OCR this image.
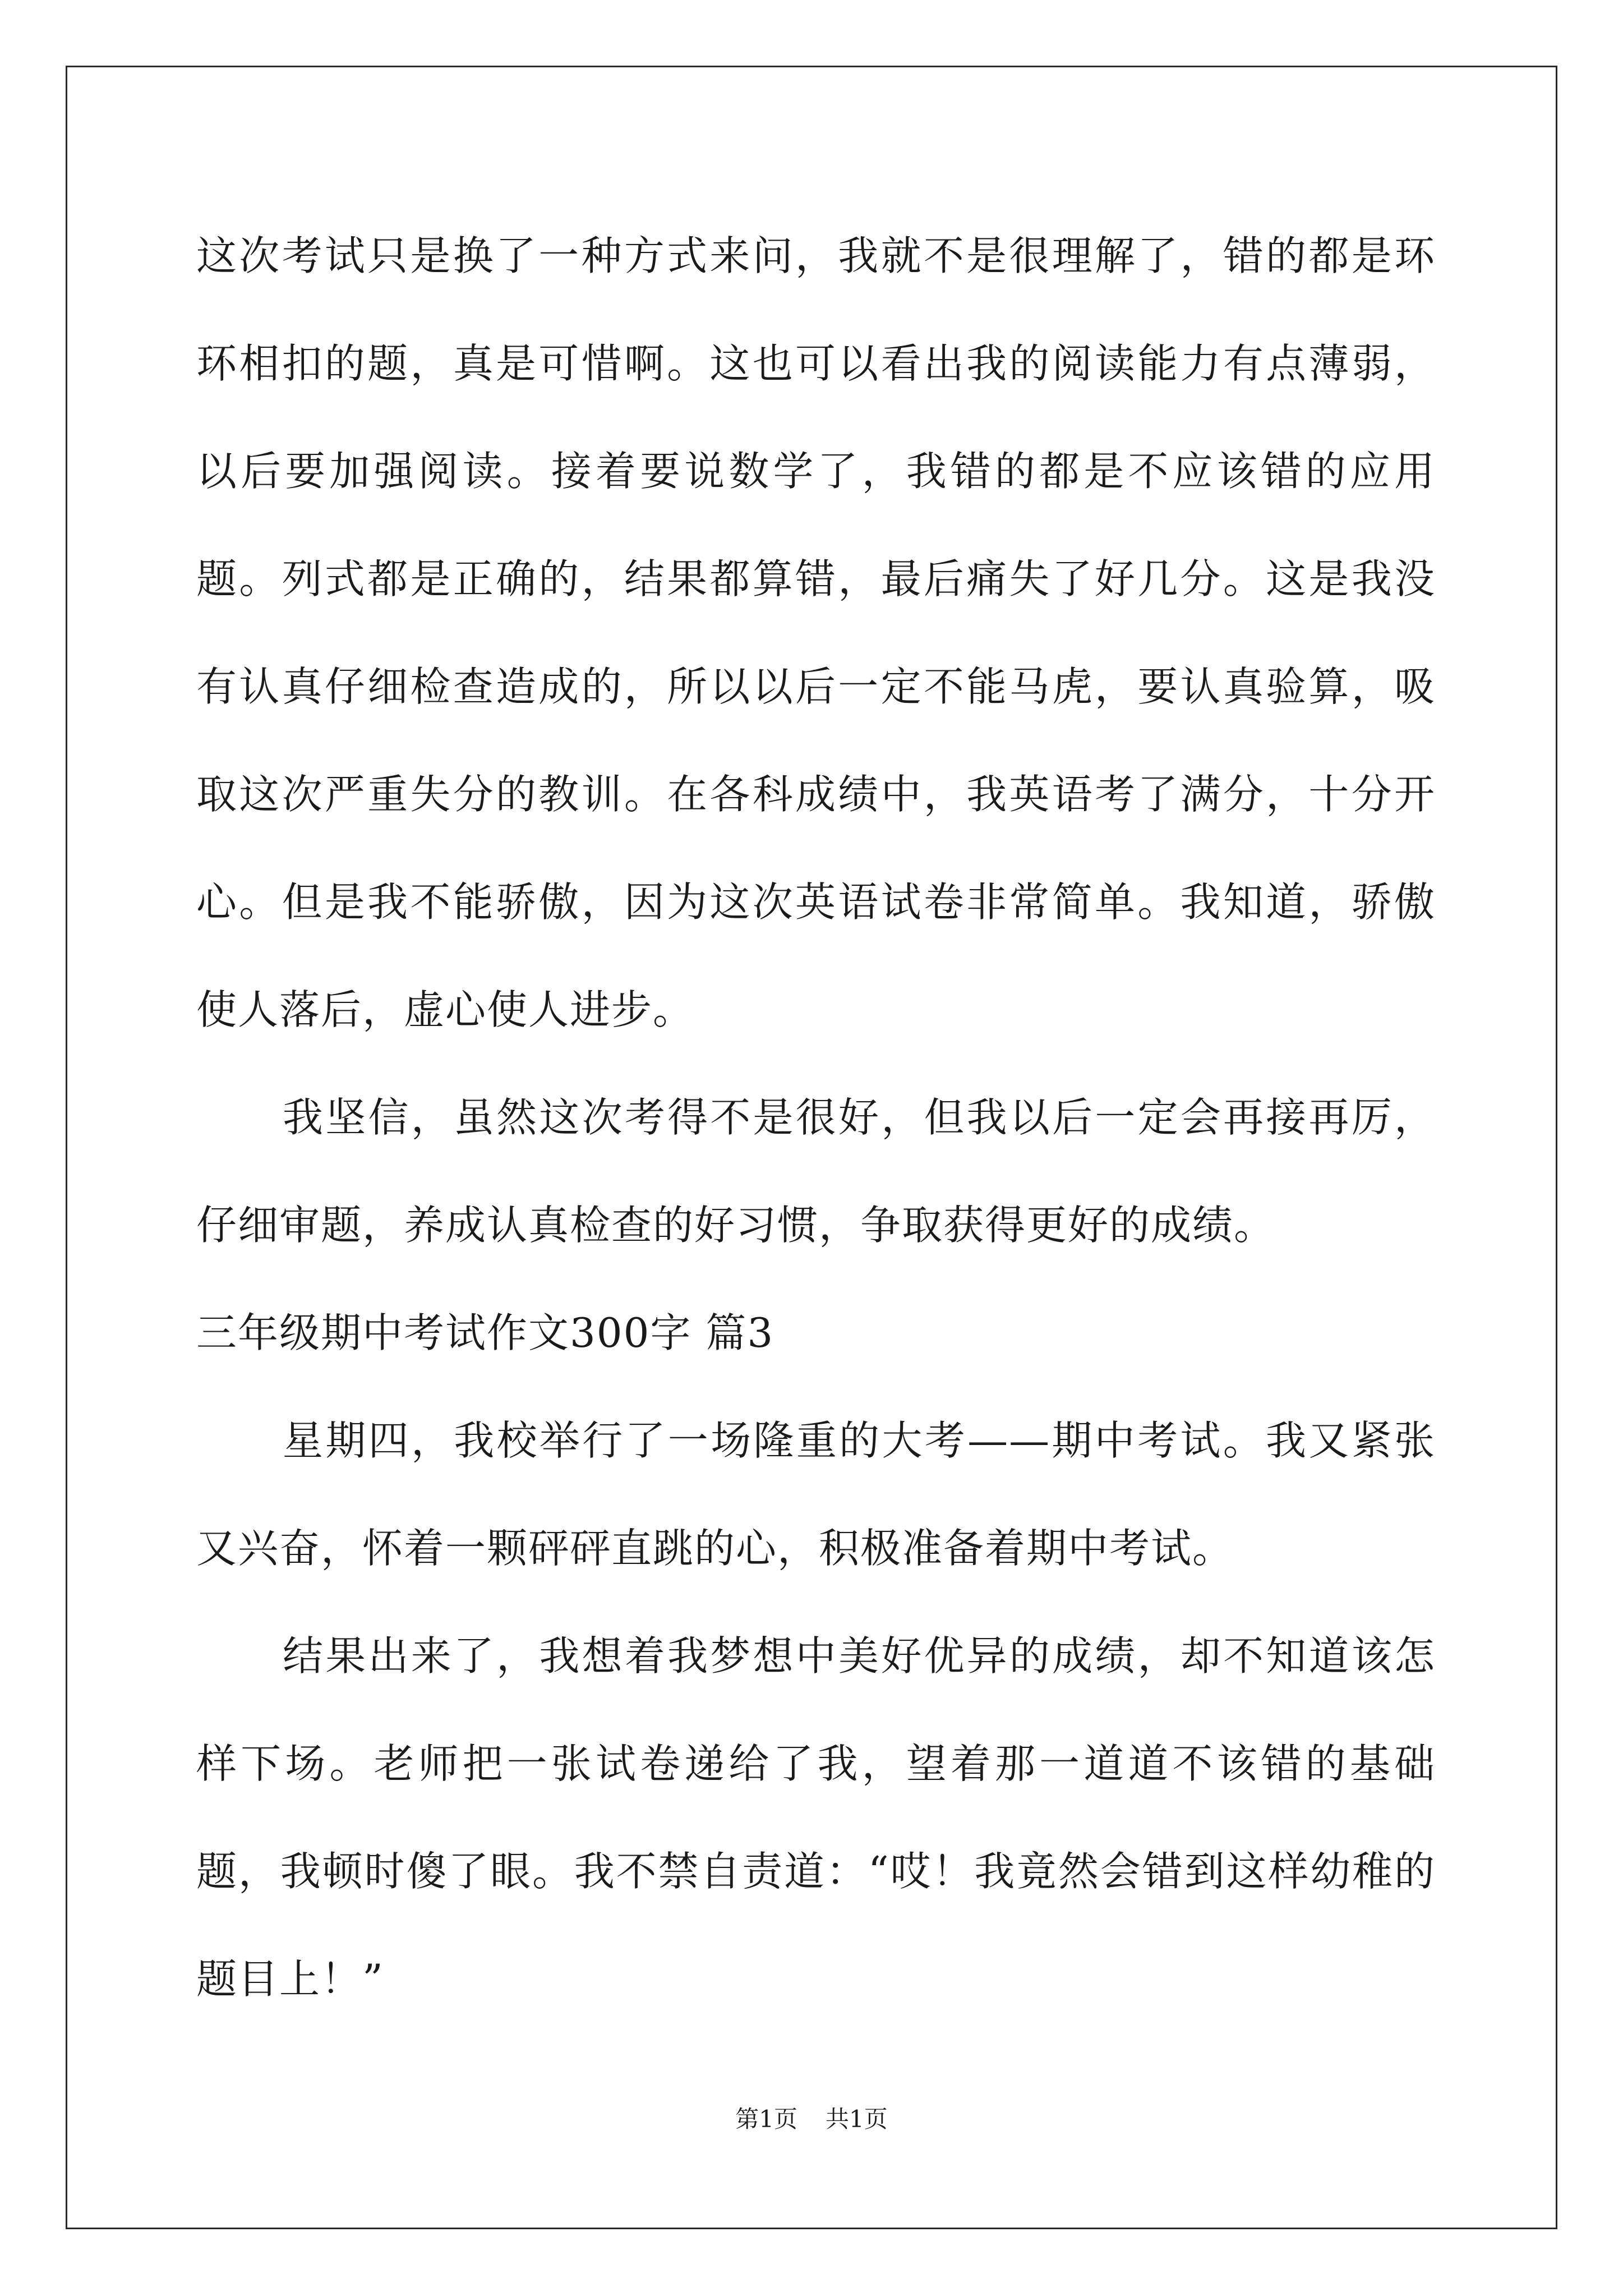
这次考试只是换了一种方式来问，我就不是很理解了，错的都是环环相扣的题，真是可惜啊。这也可以看出我的阅读能力有点薄弱，以后要加强阅读。接着要说数学了，我错的都是不应该错的应用题。列式都是正确的，结果都算错，最后痛失了好几分。这是我没有认真仔细检查造成的，所以以后一定不能马虎，要认真验算，吸取这次严重失分的教训。在各科成绩中，我英语考了满分，十分开心。但是我不能骄傲，因为这次英语试卷非常简单。我知道，骄傲使人落后，虚心使人进步。

我坚信，虽然这次考得不是很好，但我以后一定会再接再厉，仔细审题，养成认真检查的好习惯，争取获得更好的成绩。

三年级期中考试作文300字 篇3

星期四，我校举行了一场隆重的大考——期中考试。我又紧张又兴奋，怀着一颗砰砰直跳的心，积极准备着期中考试。

结果出来了，我想着我梦想中美好优异的成绩，却不知道该怎样下场。老师把一张试卷递给了我，望着那一道道不该错的基础题，我顿时傻了眼。我不禁自责道：“哎！我竟然会错到这样幼稚的题目上！”

第1页 共1页
